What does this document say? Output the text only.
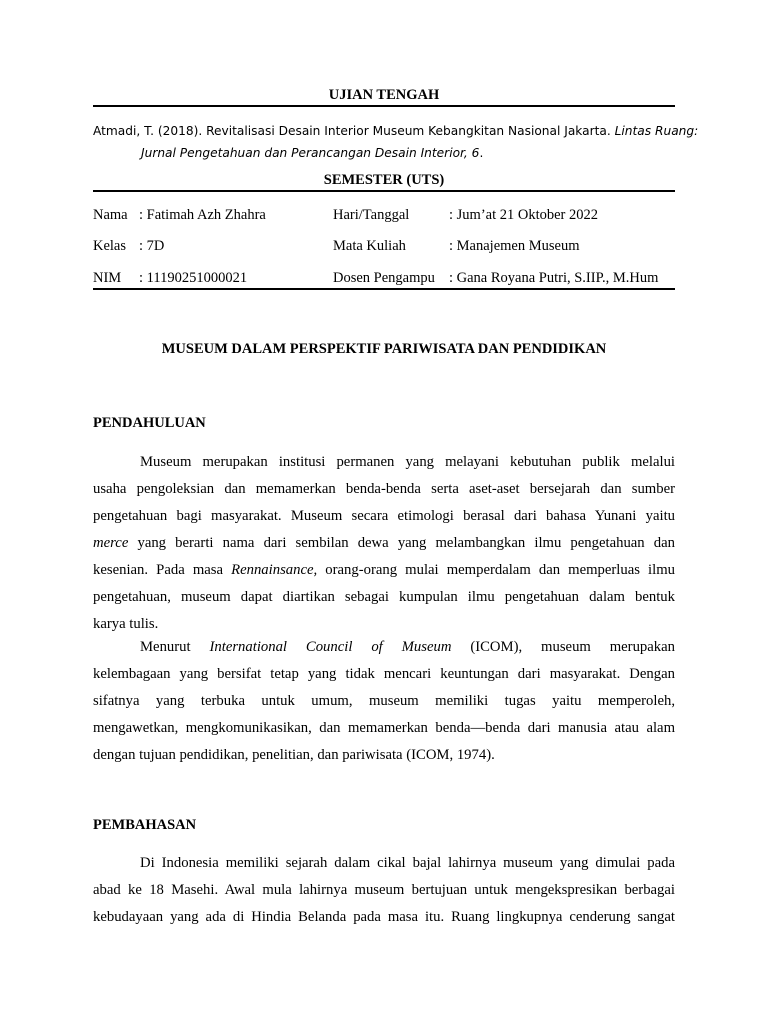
UJIAN TENGAH
Atmadi, T. (2018). Revitalisasi Desain Interior Museum Kebangkitan Nasional Jakarta. Lintas Ruang:
Jurnal Pengetahuan dan Perancangan Desain Interior, 6.
SEMESTER (UTS)
Nama : Fatimah Azh Zhahra	Hari/Tanggal	: Jum’at 21 Oktober 2022
Kelas : 7D	Mata Kuliah	: Manajemen Museum
NIM : 11190251000021	Dosen Pengampu : Gana Royana Putri, S.IIP., M.Hum
MUSEUM DALAM PERSPEKTIF PARIWISATA DAN PENDIDIKAN
PENDAHULUAN
Museum merupakan institusi permanen yang melayani kebutuhan publik melalui
usaha pengoleksian dan memamerkan benda-benda serta aset-aset bersejarah dan sumber
pengetahuan bagi masyarakat. Museum secara etimologi berasal dari bahasa Yunani yaitu
merce yang berarti nama dari sembilan dewa yang melambangkan ilmu pengetahuan dan
kesenian. Pada masa Rennainsance, orang-orang mulai memperdalam dan memperluas ilmu
pengetahuan, museum dapat diartikan sebagai kumpulan ilmu pengetahuan dalam bentuk
karya tulis.
Menurut International Council of Museum (ICOM), museum merupakan
kelembagaan yang bersifat tetap yang tidak mencari keuntungan dari masyarakat. Dengan
sifatnya yang terbuka untuk umum, museum memiliki tugas yaitu memperoleh,
mengawetkan, mengkomunikasikan, dan memamerkan benda—benda dari manusia atau alam
dengan tujuan pendidikan, penelitian, dan pariwisata (ICOM, 1974).
PEMBAHASAN
Di Indonesia memiliki sejarah dalam cikal bajal lahirnya museum yang dimulai pada
abad ke 18 Masehi. Awal mula lahirnya museum bertujuan untuk mengekspresikan berbagai
kebudayaan yang ada di Hindia Belanda pada masa itu. Ruang lingkupnya cenderung sangat
